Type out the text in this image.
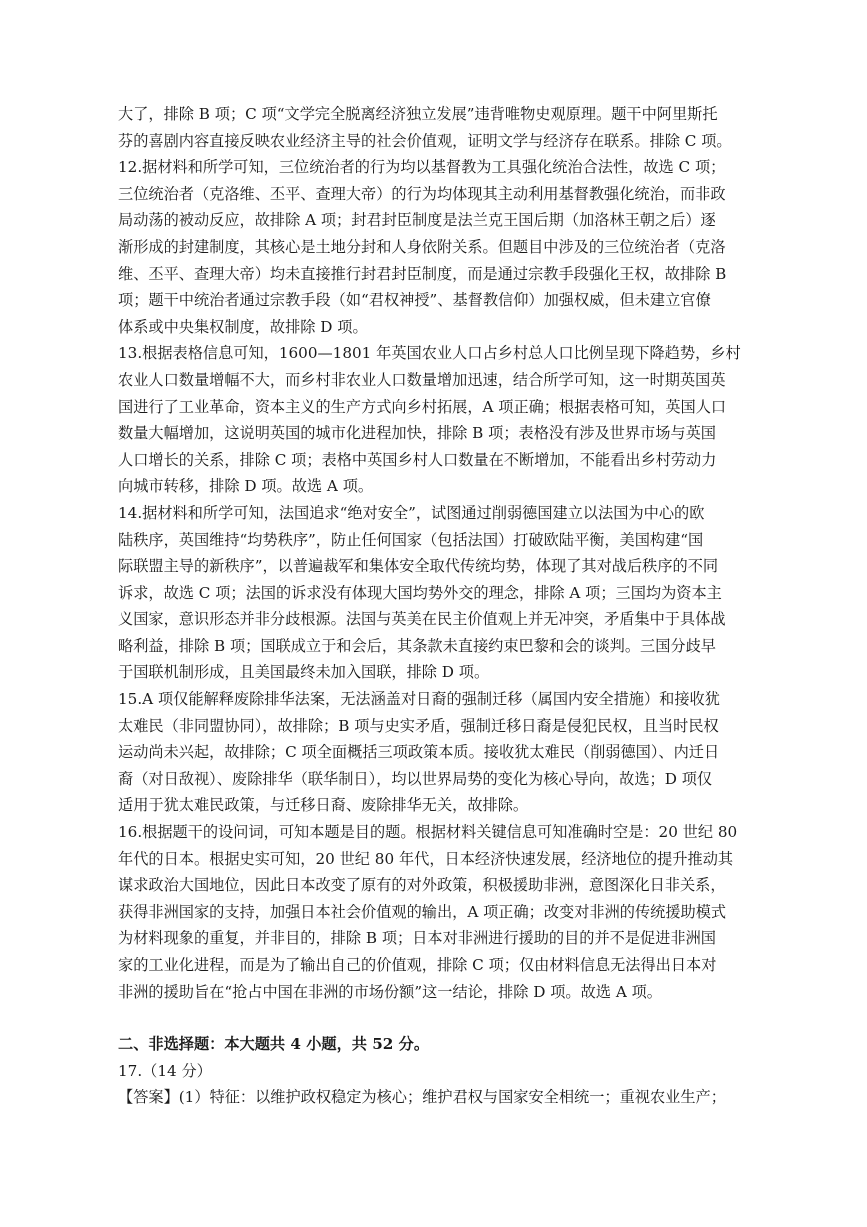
大了，排除 B 项；C 项“文学完全脱离经济独立发展”违背唯物史观原理。题干中阿里斯托
芬的喜剧内容直接反映农业经济主导的社会价值观，证明文学与经济存在联系。排除 C 项。
12.据材料和所学可知，三位统治者的行为均以基督教为工具强化统治合法性，故选 C 项；
三位统治者（克洛维、丕平、查理大帝）的行为均体现其主动利用基督教强化统治，而非政
局动荡的被动反应，故排除 A 项；封君封臣制度是法兰克王国后期（加洛林王朝之后）逐
渐形成的封建制度，其核心是土地分封和人身依附关系。但题目中涉及的三位统治者（克洛
维、丕平、查理大帝）均未直接推行封君封臣制度，而是通过宗教手段强化王权，故排除 B
项；题干中统治者通过宗教手段（如“君权神授”、基督教信仰）加强权威，但未建立官僚
体系或中央集权制度，故排除 D 项。
13.根据表格信息可知，1600—1801 年英国农业人口占乡村总人口比例呈现下降趋势，乡村
农业人口数量增幅不大，而乡村非农业人口数量增加迅速，结合所学可知，这一时期英国英
国进行了工业革命，资本主义的生产方式向乡村拓展，A 项正确；根据表格可知，英国人口
数量大幅增加，这说明英国的城市化进程加快，排除 B 项；表格没有涉及世界市场与英国
人口增长的关系，排除 C 项；表格中英国乡村人口数量在不断增加，不能看出乡村劳动力
向城市转移，排除 D 项。故选 A 项。
14.据材料和所学可知，法国追求“绝对安全”，试图通过削弱德国建立以法国为中心的欧
陆秩序，英国维持“均势秩序”，防止任何国家（包括法国）打破欧陆平衡，美国构建“国
际联盟主导的新秩序”，以普遍裁军和集体安全取代传统均势，体现了其对战后秩序的不同
诉求，故选 C 项；法国的诉求没有体现大国均势外交的理念，排除 A 项；三国均为资本主
义国家，意识形态并非分歧根源。法国与英美在民主价值观上并无冲突，矛盾集中于具体战
略利益，排除 B 项；国联成立于和会后，其条款未直接约束巴黎和会的谈判。三国分歧早
于国联机制形成，且美国最终未加入国联，排除 D 项。
15.A 项仅能解释废除排华法案，无法涵盖对日裔的强制迁移（属国内安全措施）和接收犹
太难民（非同盟协同），故排除；B 项与史实矛盾，强制迁移日裔是侵犯民权，且当时民权
运动尚未兴起，故排除；C 项全面概括三项政策本质。接收犹太难民（削弱德国）、内迁日
裔（对日敌视）、废除排华（联华制日），均以世界局势的变化为核心导向，故选；D 项仅
适用于犹太难民政策，与迁移日裔、废除排华无关，故排除。
16.根据题干的设问词，可知本题是目的题。根据材料关键信息可知准确时空是：20 世纪 80
年代的日本。根据史实可知，20 世纪 80 年代，日本经济快速发展，经济地位的提升推动其
谋求政治大国地位，因此日本改变了原有的对外政策，积极援助非洲，意图深化日非关系，
获得非洲国家的支持，加强日本社会价值观的输出，A 项正确；改变对非洲的传统援助模式
为材料现象的重复，并非目的，排除 B 项；日本对非洲进行援助的目的并不是促进非洲国
家的工业化进程，而是为了输出自己的价值观，排除 C 项；仅由材料信息无法得出日本对
非洲的援助旨在“抢占中国在非洲的市场份额”这一结论，排除 D 项。故选 A 项。
二、非选择题：本大题共 4 小题，共 52 分。
17.（14 分）
【答案】(1）特征：以维护政权稳定为核心；维护君权与国家安全相统一；重视农业生产；
